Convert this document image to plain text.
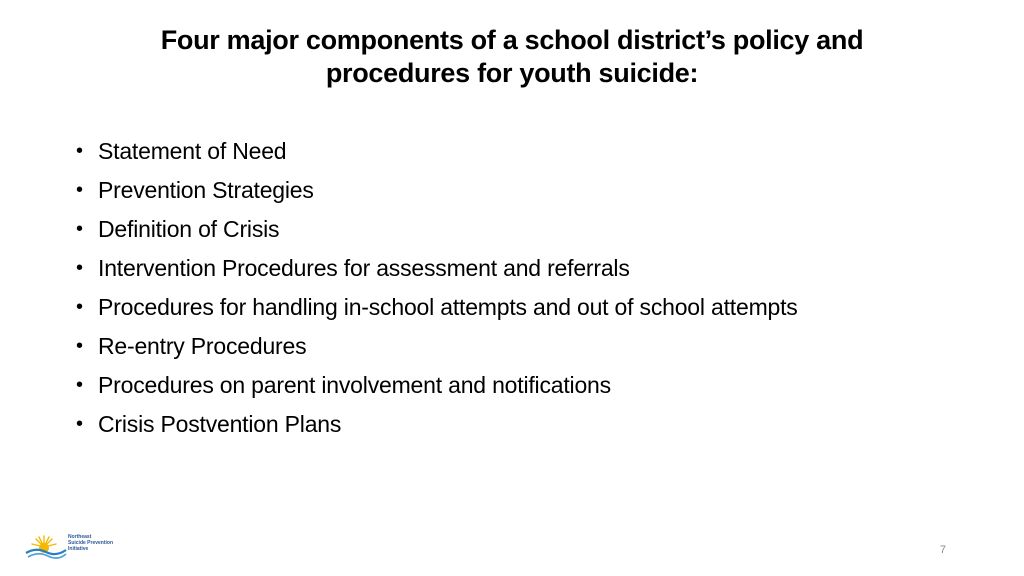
Four major components of a school district’s policy and procedures for youth suicide:
• Statement of Need
• Prevention Strategies
• Definition of Crisis
• Intervention Procedures for assessment and referrals
• Procedures for handling in-school attempts and out of school attempts
• Re-entry Procedures
• Procedures on parent involvement and notifications
• Crisis Postvention Plans
Northeast
Suicide Prevention
Initiative	7
